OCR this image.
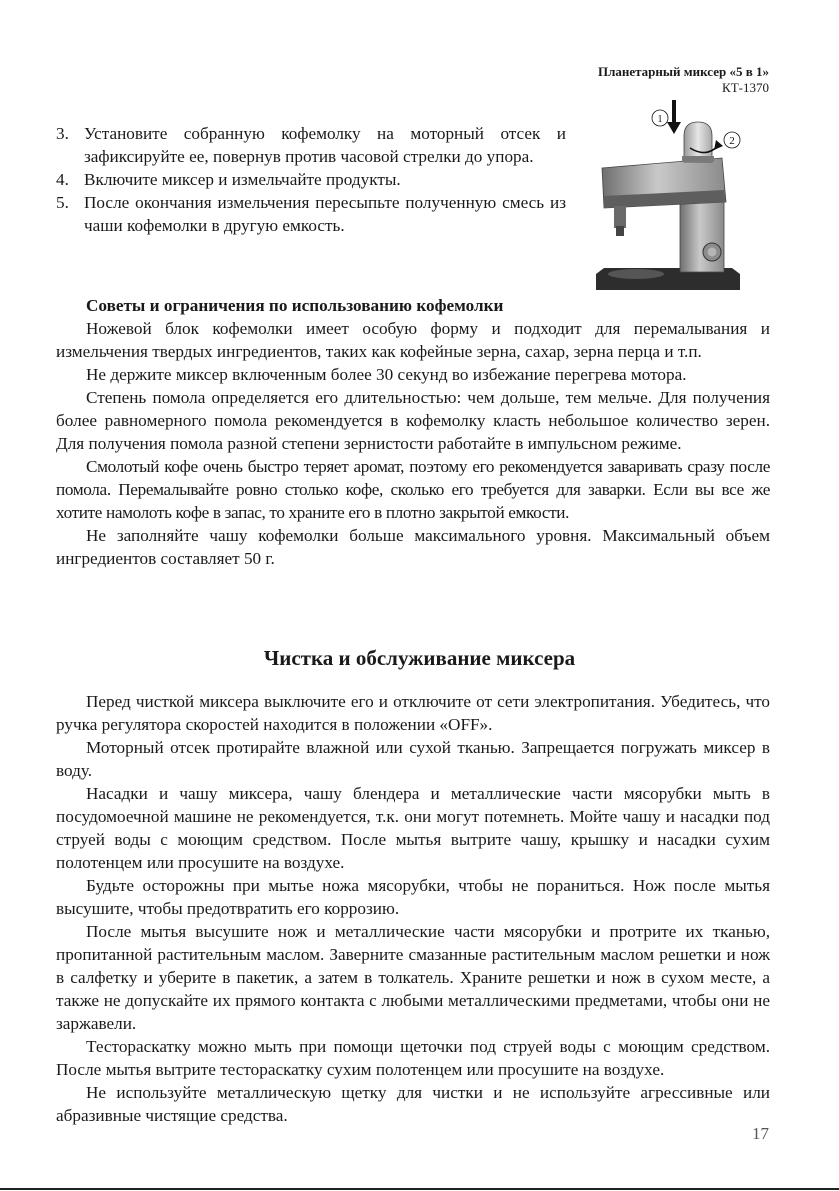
Планетарный миксер «5 в 1»
КТ-1370
3. Установите собранную кофемолку на моторный отсек и зафиксируйте ее, повернув против часовой стрелки до упора.
4. Включите миксер и измельчайте продукты.
5. После окончания измельчения пересыпьте полученную смесь из чаши кофемолки в другую емкость.
1
2
Советы и ограничения по использованию кофемолки

Ножевой блок кофемолки имеет особую форму и подходит для перемалывания и измельчения твердых ингредиентов, таких как кофейные зерна, сахар, зерна перца и т.п.

Не держите миксер включенным более 30 секунд во избежание перегрева мотора.

Степень помола определяется его длительностью: чем дольше, тем мельче. Для получения более равномерного помола рекомендуется в кофемолку класть небольшое количество зерен. Для получения помола разной степени зернистости работайте в импульсном режиме.

Смолотый кофе очень быстро теряет аромат, поэтому его рекомендуется заваривать сразу после помола. Перемалывайте ровно столько кофе, сколько его требуется для заварки. Если вы все же хотите намолоть кофе в запас, то храните его в плотно закрытой емкости.

Не заполняйте чашу кофемолки больше максимального уровня. Максимальный объем ингредиентов составляет 50 г.

Чистка и обслуживание миксера

Перед чисткой миксера выключите его и отключите от сети электропитания. Убедитесь, что ручка регулятора скоростей находится в положении «OFF».

Моторный отсек протирайте влажной или сухой тканью. Запрещается погружать миксер в воду.

Насадки и чашу миксера, чашу блендера и металлические части мясорубки мыть в посудомоечной машине не рекомендуется, т.к. они могут потемнеть. Мойте чашу и насадки под струей воды с моющим средством. После мытья вытрите чашу, крышку и насадки сухим полотенцем или просушите на воздухе.

Будьте осторожны при мытье ножа мясорубки, чтобы не пораниться. Нож после мытья высушите, чтобы предотвратить его коррозию.

После мытья высушите нож и металлические части мясорубки и протрите их тканью, пропитанной растительным маслом. Заверните смазанные растительным маслом решетки и нож в салфетку и уберите в пакетик, а затем в толкатель. Храните решетки и нож в сухом месте, а также не допускайте их прямого контакта с любыми металлическими предметами, чтобы они не заржавели.

Тестораскатку можно мыть при помощи щеточки под струей воды с моющим средством. После мытья вытрите тестораскатку сухим полотенцем или просушите на воздухе.

Не используйте металлическую щетку для чистки и не используйте агрессивные или абразивные чистящие средства.

17
